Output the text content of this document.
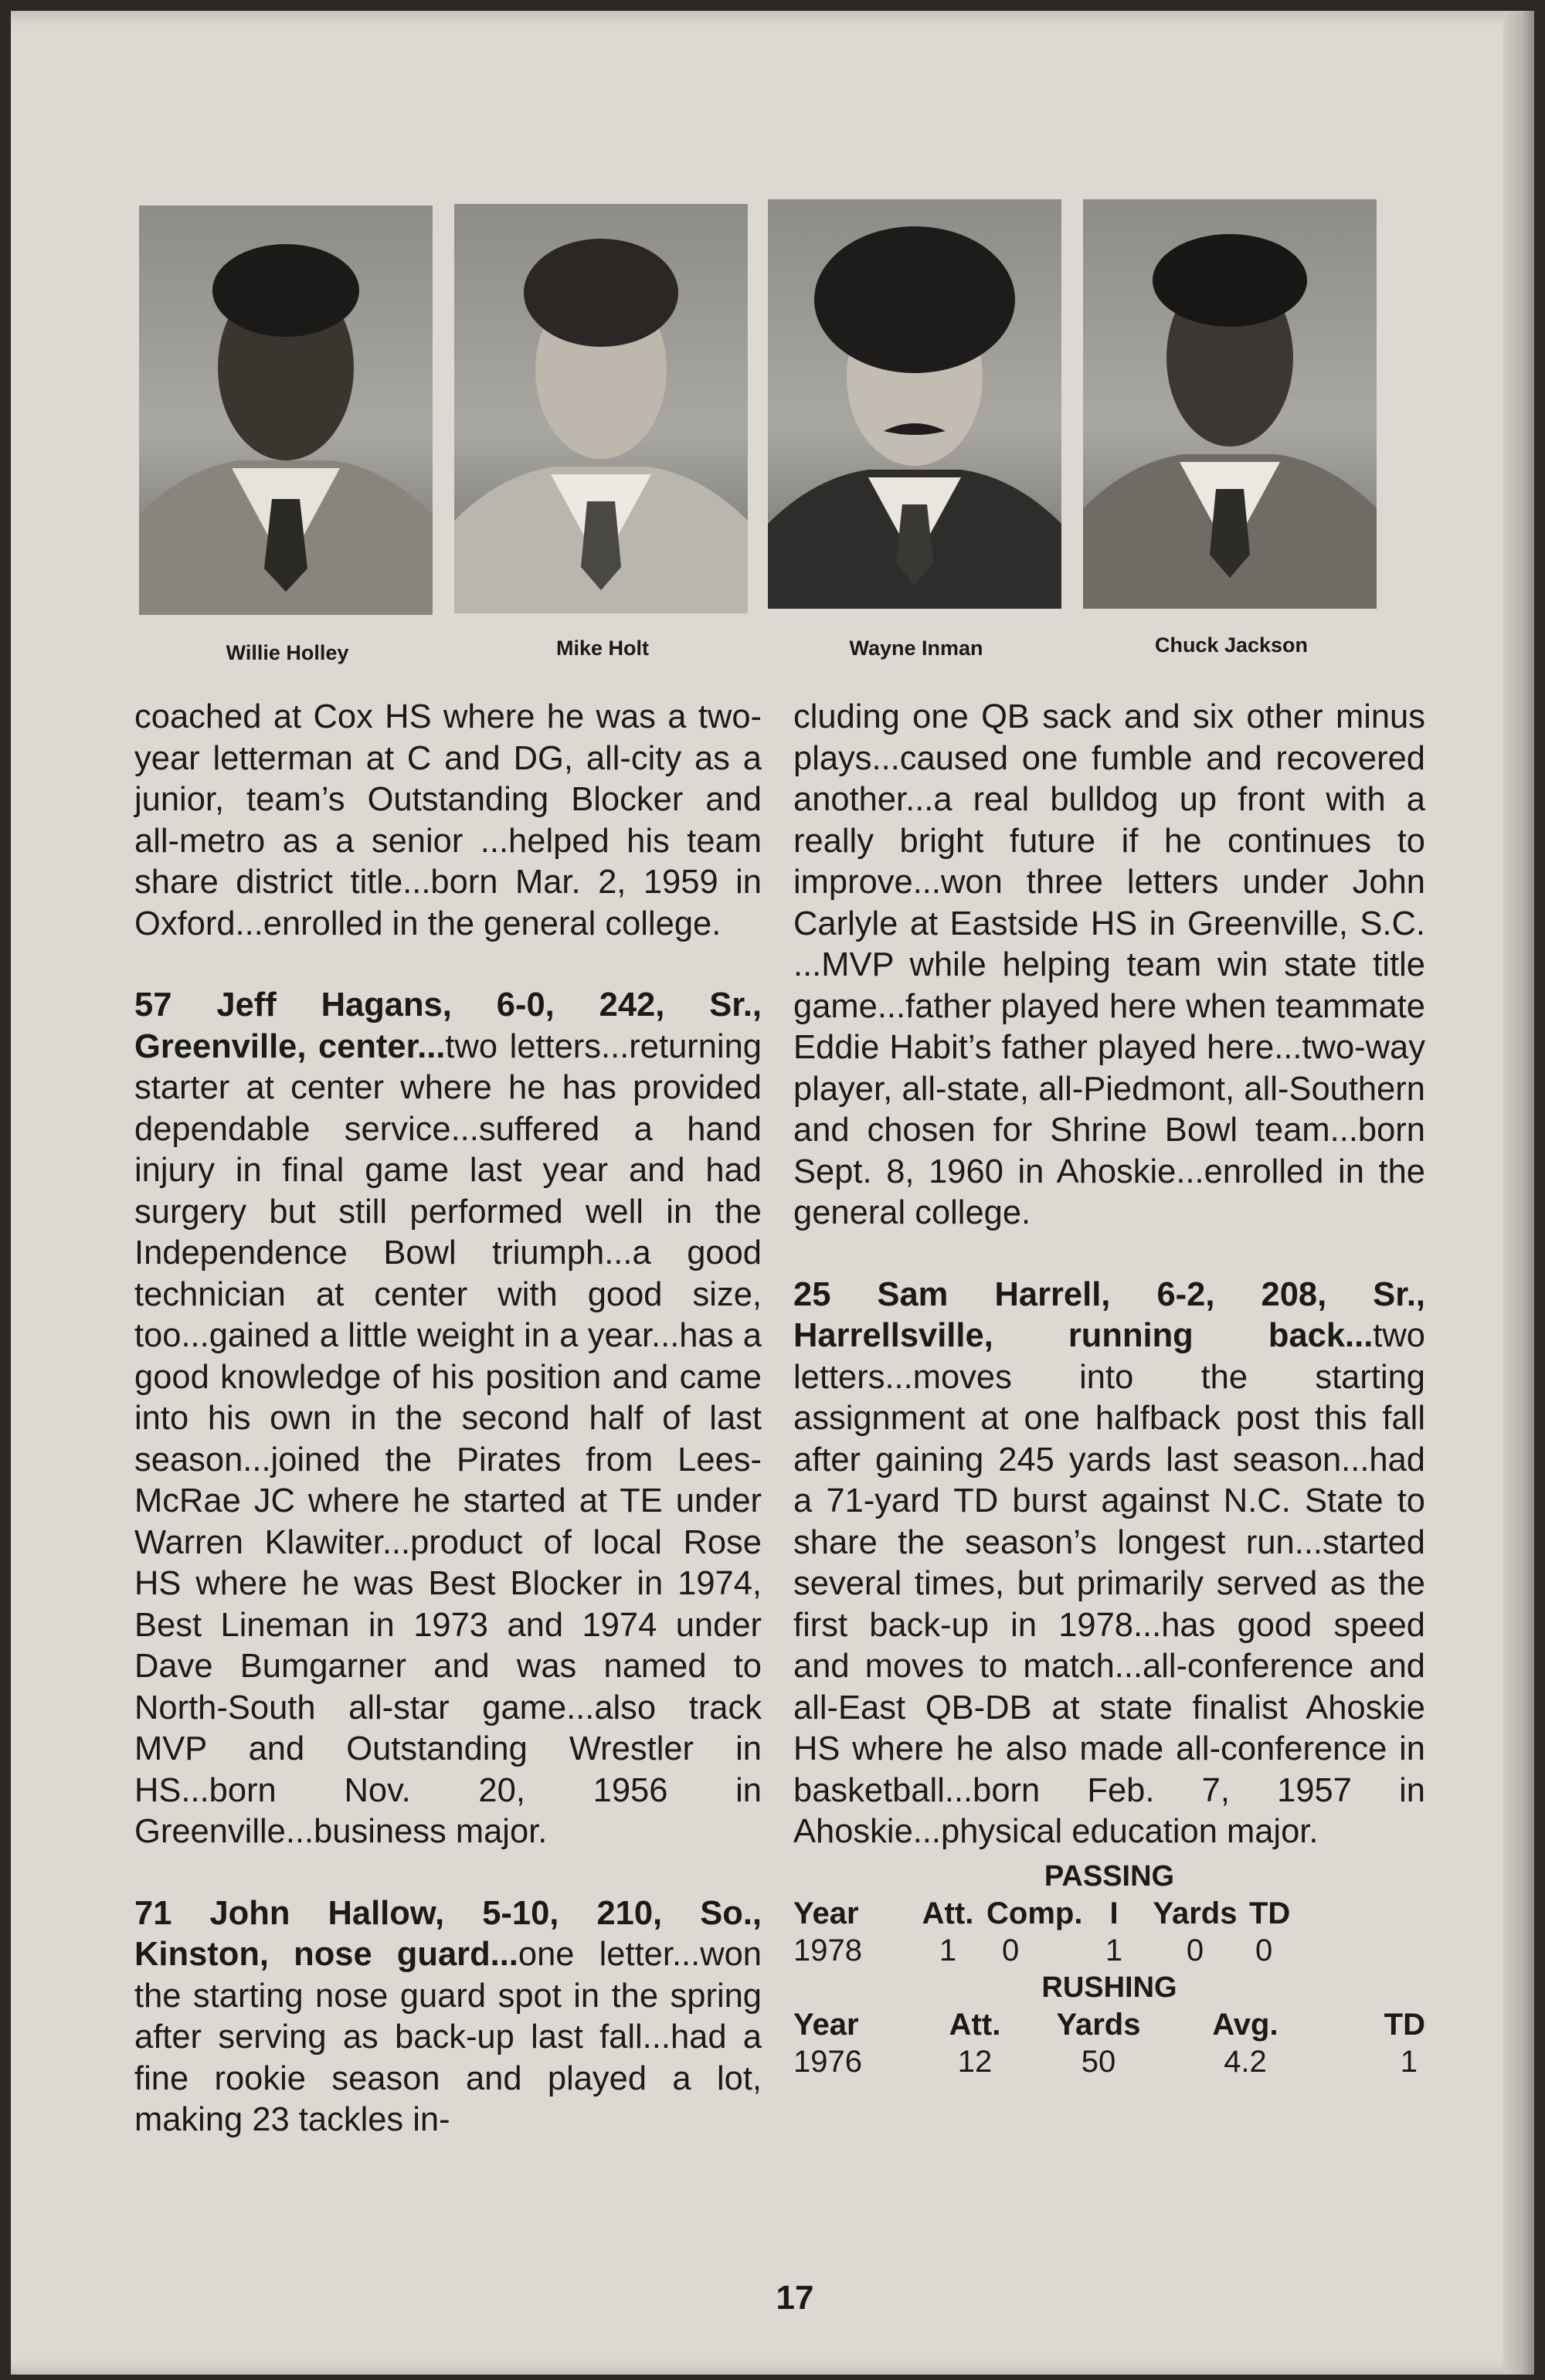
Willie Holley	Mike Holt	Wayne Inman	Chuck Jackson

coached at Cox HS where he was a two-year letterman at C and DG, all-city as a junior, team’s Outstanding Blocker and all-metro as a senior ...helped his team share district title...born Mar. 2, 1959 in Oxford...enrolled in the general college.

57 Jeff Hagans, 6-0, 242, Sr., Greenville, center...two letters...returning starter at center where he has provided dependable service...suffered a hand injury in final game last year and had surgery but still performed well in the Independence Bowl triumph...a good technician at center with good size, too...gained a little weight in a year...has a good knowledge of his position and came into his own in the second half of last season...joined the Pirates from Lees-McRae JC where he started at TE under Warren Klawiter...product of local Rose HS where he was Best Blocker in 1974, Best Lineman in 1973 and 1974 under Dave Bumgarner and was named to North-South all-star game...also track MVP and Outstanding Wrestler in HS...born Nov. 20, 1956 in Greenville...business major.

71 John Hallow, 5-10, 210, So., Kinston, nose guard...one letter...won the starting nose guard spot in the spring after serving as back-up last fall...had a fine rookie season and played a lot, making 23 tackles in-

cluding one QB sack and six other minus plays...caused one fumble and recovered another...a real bulldog up front with a really bright future if he continues to improve...won three letters under John Carlyle at Eastside HS in Greenville, S.C. ...MVP while helping team win state title game...father played here when teammate Eddie Habit’s father played here...two-way player, all-state, all-Piedmont, all-Southern and chosen for Shrine Bowl team...born Sept. 8, 1960 in Ahoskie...enrolled in the general college.

25 Sam Harrell, 6-2, 208, Sr., Harrellsville, running back...two letters...moves into the starting assignment at one halfback post this fall after gaining 245 yards last season...had a 71-yard TD burst against N.C. State to share the season’s longest run...started several times, but primarily served as the first back-up in 1978...has good speed and moves to match...all-conference and all-East QB-DB at state finalist Ahoskie HS where he also made all-conference in basketball...born Feb. 7, 1957 in Ahoskie...physical education major.

PASSING
Year	Att.	Comp.	I	Yards	TD
1978	1	0	1	0	0
RUSHING
Year	Att.	Yards	Avg.	TD
1976	12	50	4.2	1
17
